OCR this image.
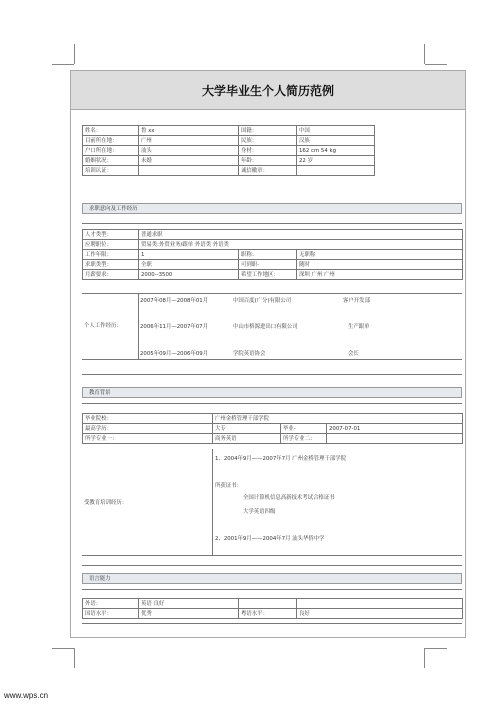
大学毕业生个人简历范例
姓名：	鲁 xx	国籍：	中国
目前所在地：	广州	民族：	汉族
户口所在地：	汕头	身材：	162 cm 54 kg
婚姻状况：	未婚	年龄：	22 岁
培训认证：		诚信徽章：	
求职意向及工作经历
人才类型：	普通求职		
应聘职位：	贸易类:外贸业务/跟单 外语类 外语类		
工作年限：	1	职称：	无职称
求职类型：	全职	可到职-	随时
月薪要求：	2000--3500	希望工作地区：	深圳 广州 广州
个人工作经历：
2007年08月—2008年01月	中国百度(广分)有限公司	客户开发部
2006年11月—2007年07月	中山市格源进出口有限公司	生产跟单
2005年09月—2006年09月	学院英语协会	会长
教育背景
毕业院校：	广州金桥管理干部学院		
最高学历：	大专	毕业-	2007-07-01
所学专业一：	商务英语	所学专业二：	
受教育培训经历：
1、2004年9月——2007年7月 广州金桥管理干部学院
所获证书：
全国计算机信息高新技术考试合格证书
大学英语四级
2、2001年9月——2004年7月 汕头华侨中学
语言能力
外语：	英语 良好		
国语水平：	优秀	粤语水平：	良好
www.wps.cn
